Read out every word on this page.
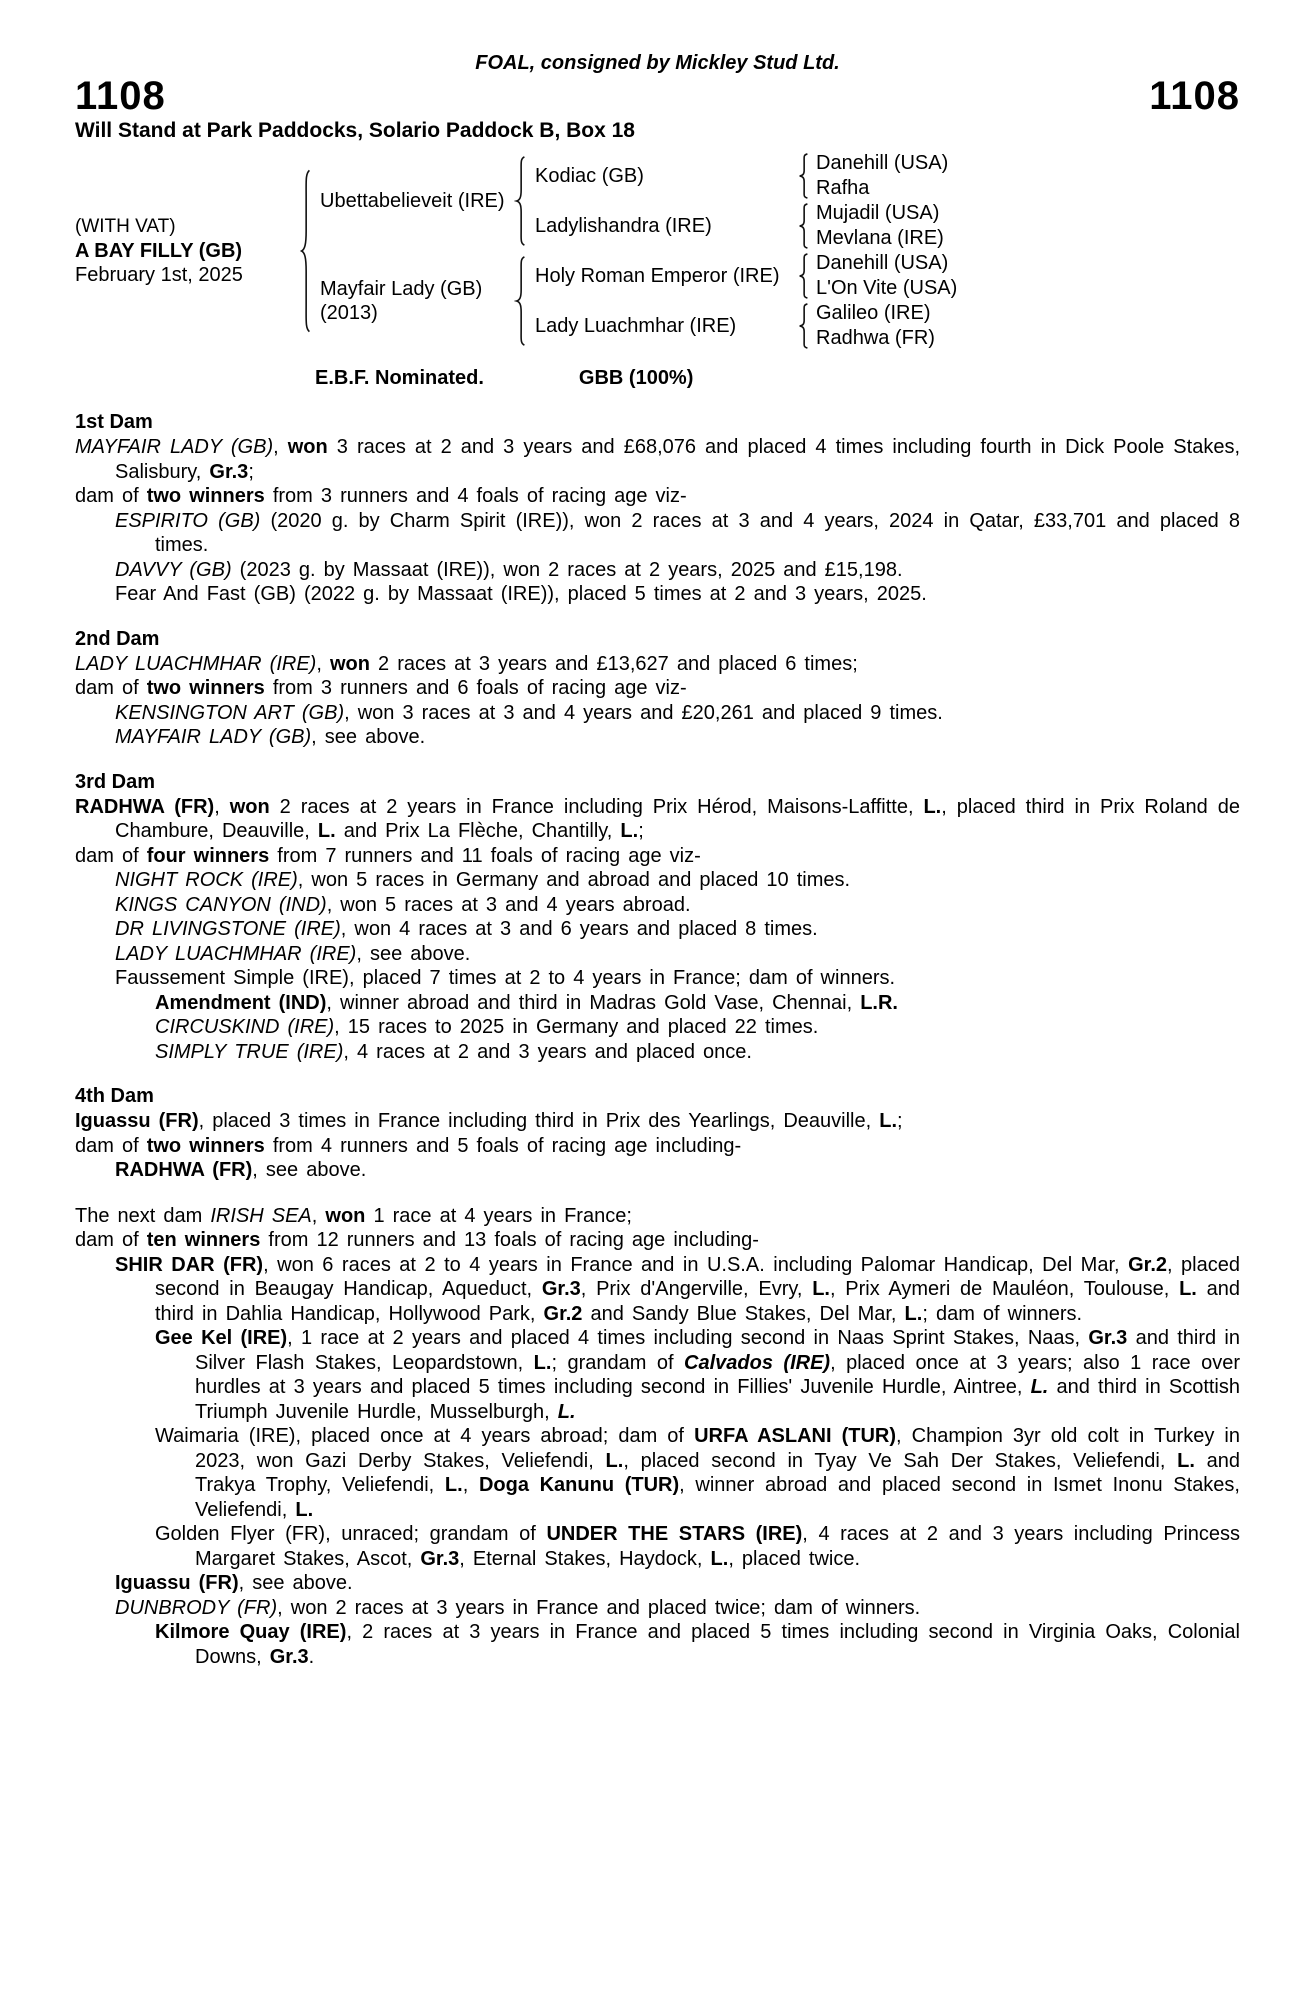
FOAL, consigned by Mickley Stud Ltd.
1108	1108
Will Stand at Park Paddocks, Solario Paddock B, Box 18
(WITH VAT)
A BAY FILLY (GB)
February 1st, 2025
Ubettabelieveit (IRE)
Mayfair Lady (GB)
(2013)
Kodiac (GB)
Ladylishandra (IRE)
Holy Roman Emperor (IRE)
Lady Luachmhar (IRE)
Danehill (USA)
Rafha
Mujadil (USA)
Mevlana (IRE)
Danehill (USA)
L'On Vite (USA)
Galileo (IRE)
Radhwa (FR)
E.B.F. Nominated.	GBB (100%)
1st Dam

MAYFAIR LADY (GB), won 3 races at 2 and 3 years and £68,076 and placed 4 times including fourth in Dick Poole Stakes, Salisbury, Gr.3;

dam of two winners from 3 runners and 4 foals of racing age viz-

ESPIRITO (GB) (2020 g. by Charm Spirit (IRE)), won 2 races at 3 and 4 years, 2024 in Qatar, £33,701 and placed 8 times.

DAVVY (GB) (2023 g. by Massaat (IRE)), won 2 races at 2 years, 2025 and £15,198.

Fear And Fast (GB) (2022 g. by Massaat (IRE)), placed 5 times at 2 and 3 years, 2025.

2nd Dam

LADY LUACHMHAR (IRE), won 2 races at 3 years and £13,627 and placed 6 times;

dam of two winners from 3 runners and 6 foals of racing age viz-

KENSINGTON ART (GB), won 3 races at 3 and 4 years and £20,261 and placed 9 times.

MAYFAIR LADY (GB), see above.

3rd Dam

RADHWA (FR), won 2 races at 2 years in France including Prix Hérod, Maisons-Laffitte, L., placed third in Prix Roland de Chambure, Deauville, L. and Prix La Flèche, Chantilly, L.;

dam of four winners from 7 runners and 11 foals of racing age viz-

NIGHT ROCK (IRE), won 5 races in Germany and abroad and placed 10 times.

KINGS CANYON (IND), won 5 races at 3 and 4 years abroad.

DR LIVINGSTONE (IRE), won 4 races at 3 and 6 years and placed 8 times.

LADY LUACHMHAR (IRE), see above.

Faussement Simple (IRE), placed 7 times at 2 to 4 years in France; dam of winners.

Amendment (IND), winner abroad and third in Madras Gold Vase, Chennai, L.R.

CIRCUSKIND (IRE), 15 races to 2025 in Germany and placed 22 times.

SIMPLY TRUE (IRE), 4 races at 2 and 3 years and placed once.

4th Dam

Iguassu (FR), placed 3 times in France including third in Prix des Yearlings, Deauville, L.;

dam of two winners from 4 runners and 5 foals of racing age including-

RADHWA (FR), see above.

The next dam IRISH SEA, won 1 race at 4 years in France;

dam of ten winners from 12 runners and 13 foals of racing age including-

SHIR DAR (FR), won 6 races at 2 to 4 years in France and in U.S.A. including Palomar Handicap, Del Mar, Gr.2, placed second in Beaugay Handicap, Aqueduct, Gr.3, Prix d'Angerville, Evry, L., Prix Aymeri de Mauléon, Toulouse, L. and third in Dahlia Handicap, Hollywood Park, Gr.2 and Sandy Blue Stakes, Del Mar, L.; dam of winners.

Gee Kel (IRE), 1 race at 2 years and placed 4 times including second in Naas Sprint Stakes, Naas, Gr.3 and third in Silver Flash Stakes, Leopardstown, L.; grandam of Calvados (IRE), placed once at 3 years; also 1 race over hurdles at 3 years and placed 5 times including second in Fillies' Juvenile Hurdle, Aintree, L. and third in Scottish Triumph Juvenile Hurdle, Musselburgh, L.

Waimaria (IRE), placed once at 4 years abroad; dam of URFA ASLANI (TUR), Champion 3yr old colt in Turkey in 2023, won Gazi Derby Stakes, Veliefendi, L., placed second in Tyay Ve Sah Der Stakes, Veliefendi, L. and Trakya Trophy, Veliefendi, L., Doga Kanunu (TUR), winner abroad and placed second in Ismet Inonu Stakes, Veliefendi, L.

Golden Flyer (FR), unraced; grandam of UNDER THE STARS (IRE), 4 races at 2 and 3 years including Princess Margaret Stakes, Ascot, Gr.3, Eternal Stakes, Haydock, L., placed twice.

Iguassu (FR), see above.

DUNBRODY (FR), won 2 races at 3 years in France and placed twice; dam of winners.

Kilmore Quay (IRE), 2 races at 3 years in France and placed 5 times including second in Virginia Oaks, Colonial Downs, Gr.3.
